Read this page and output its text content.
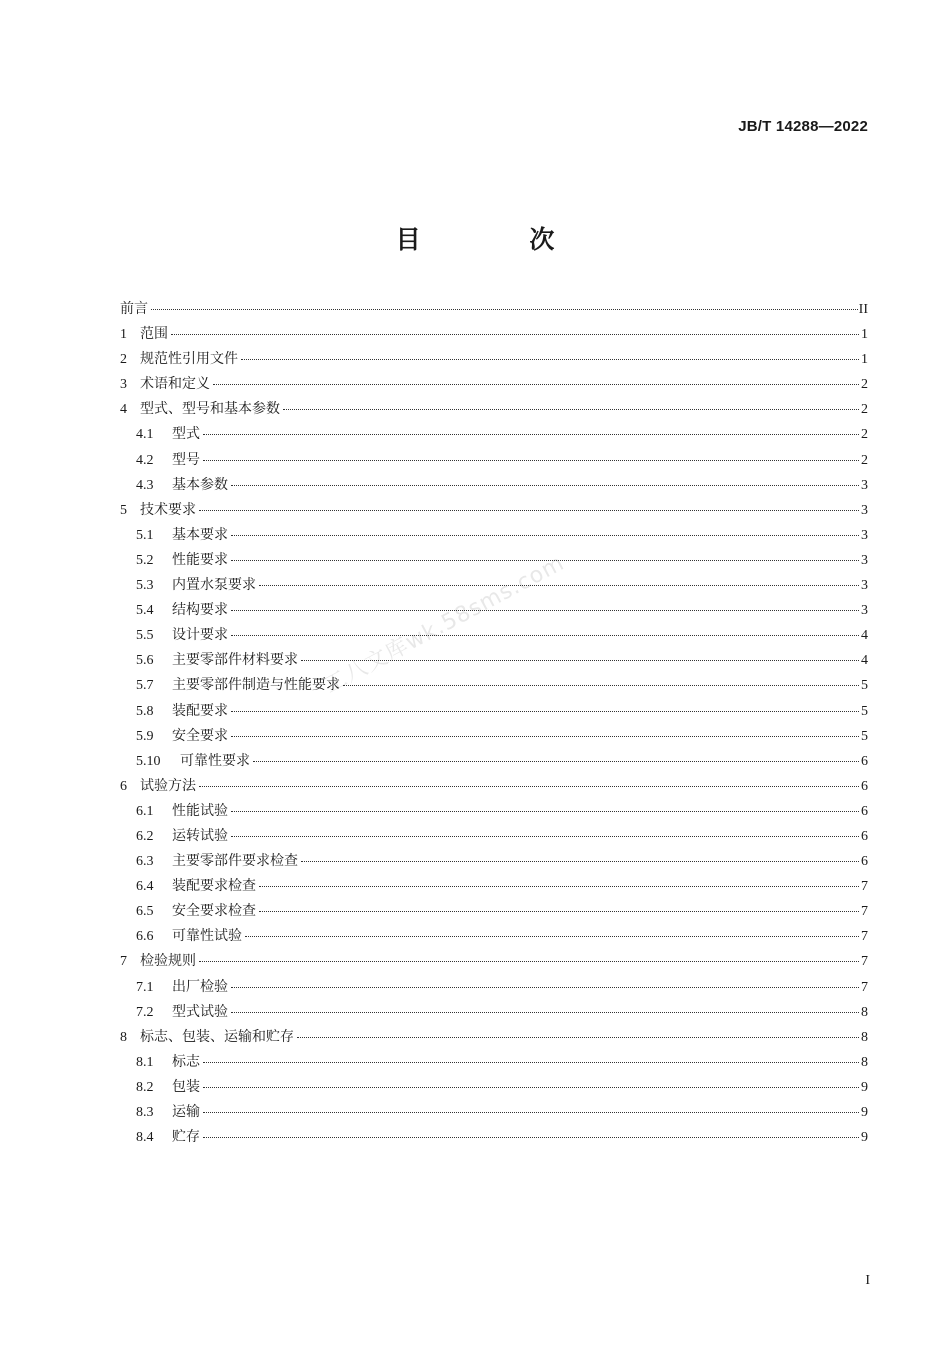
JB/T 14288—2022
目 次
工八文库wk.58sms.com
前言	II
1 范围	1
2 规范性引用文件	1
3 术语和定义	2
4 型式、型号和基本参数	2
4.1	型式	2
4.2	型号	2
4.3	基本参数	3
5 技术要求	3
5.1	基本要求	3
5.2	性能要求	3
5.3	内置水泵要求	3
5.4	结构要求	3
5.5	设计要求	4
5.6	主要零部件材料要求	4
5.7	主要零部件制造与性能要求	5
5.8	装配要求	5
5.9	安全要求	5
5.10	可靠性要求	6
6 试验方法	6
6.1	性能试验	6
6.2	运转试验	6
6.3	主要零部件要求检查	6
6.4	装配要求检查	7
6.5	安全要求检查	7
6.6	可靠性试验	7
7 检验规则	7
7.1	出厂检验	7
7.2	型式试验	8
8 标志、包装、运输和贮存	8
8.1	标志	8
8.2	包装	9
8.3	运输	9
8.4	贮存	9
I
